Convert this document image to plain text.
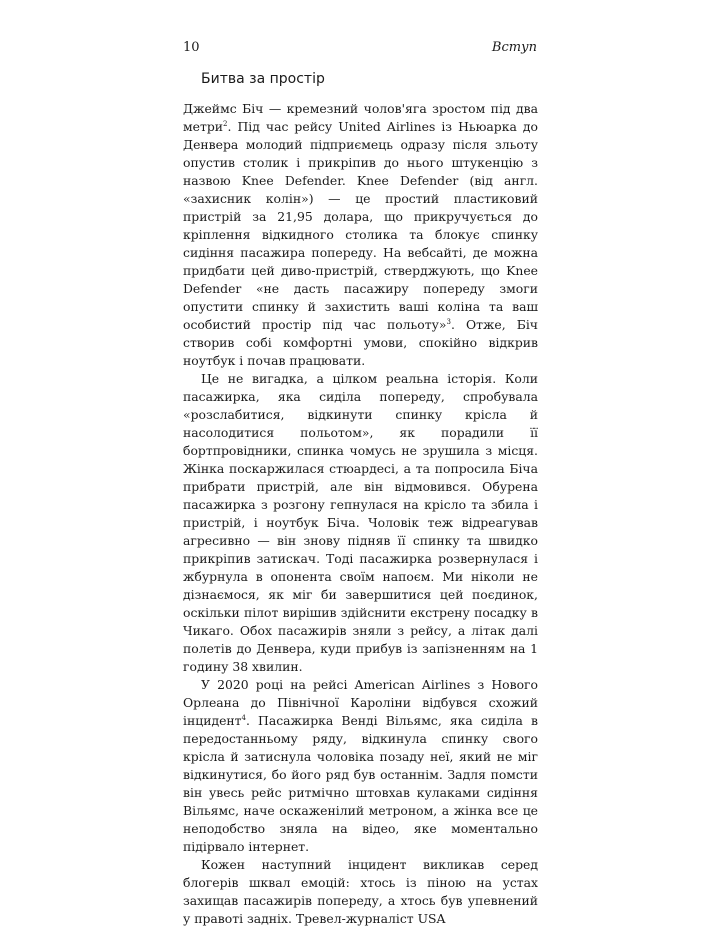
10	Вступ
Битва за простір

Джеймс Біч — кремезний чолов'яга зростом під два метри$^2$. Під час рейсу United Airlines із Ньюарка до Денвера молодий підприємець одразу після зльоту опустив столик і прикріпив до нього штукенцію з назвою Knee Defender. Knee Defender (від англ. «захисник колін») — це простий пластиковий пристрій за 21,95 долара, що прикручується до кріплення відкидного столика та блокує спинку сидіння пасажира попереду. На вебсайті, де можна придбати цей диво-пристрій, стверджують, що Knee Defender «не дасть пасажиру попереду змоги опустити спинку й захистить ваші коліна та ваш особистий простір під час польоту»$^3$. Отже, Біч створив собі комфортні умови, спокійно відкрив ноутбук і почав працювати.

Це не вигадка, а цілком реальна історія. Коли пасажирка, яка сиділа попереду, спробувала «розслабитися, відкинути спинку крісла й насолодитися польотом», як порадили її бортпровідники, спинка чомусь не зрушила з місця. Жінка поскаржилася стюардесі, а та попросила Біча прибрати пристрій, але він відмовився. Обурена пасажирка з розгону гепнулася на крісло та збила і пристрій, і ноутбук Біча. Чоловік теж відреагував агресивно — він знову підняв її спинку та швидко прикріпив затискач. Тоді пасажирка розвернулася і жбурнула в опонента своїм напоєм. Ми ніколи не дізнаємося, як міг би завершитися цей поєдинок, оскільки пілот вирішив здійснити екстрену посадку в Чикаго. Обох пасажирів зняли з рейсу, а літак далі полетів до Денвера, куди прибув із запізненням на 1 годину 38 хвилин.

У 2020 році на рейсі American Airlines з Нового Орлеана до Північної Кароліни відбувся схожий інцидент$^4$. Пасажирка Венді Вільямс, яка сиділа в передостанньому ряду, відкинула спинку свого крісла й затиснула чоловіка позаду неї, який не міг відкинутися, бо його ряд був останнім. Задля помсти він увесь рейс ритмічно штовхав кулаками сидіння Вільямс, наче оскаженілий метроном, а жінка все це неподобство зняла на відео, яке моментально підірвало інтернет.

Кожен наступний інцидент викликав серед блогерів шквал емоцій: хтось із піною на устах захищав пасажирів попереду, а хтось був упевнений у правоті задніх. Тревел-журналіст USA
